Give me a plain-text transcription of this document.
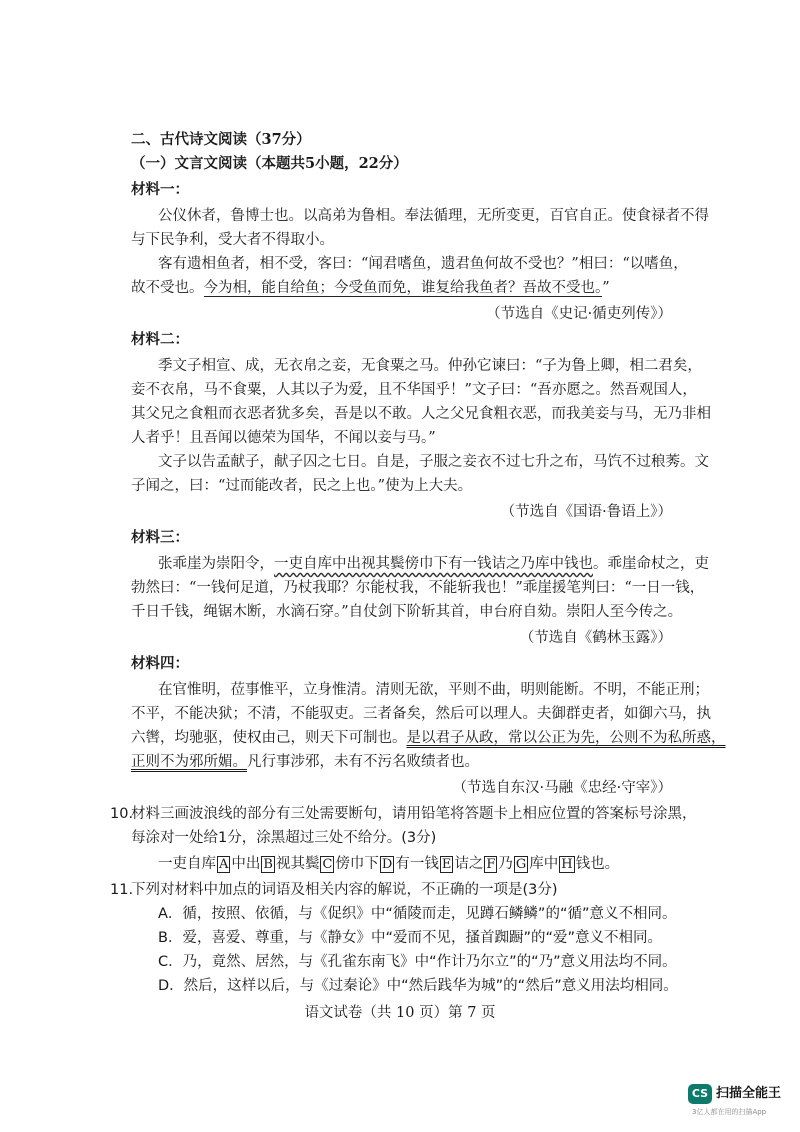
二、古代诗文阅读（37分）
（一）文言文阅读（本题共5小题，22分）
材料一：
公仪休者，鲁博士也。以高弟为鲁相。奉法循理，无所变更，百官自正。使食禄者不得
与下民争利，受大者不得取小。
客有遗相鱼者，相不受，客曰：“闻君嗜鱼，遗君鱼何故不受也？”相曰：“以嗜鱼，
故不受也。今为相，能自给鱼；今受鱼而免，谁复给我鱼者？吾故不受也。”
（节选自《史记·循吏列传》）
材料二：
季文子相宣、成，无衣帛之妾，无食粟之马。仲孙它谏曰：“子为鲁上卿，相二君矣，
妾不衣帛，马不食粟，人其以子为爱，且不华国乎！”文子曰：“吾亦愿之。然吾观国人，
其父兄之食粗而衣恶者犹多矣，吾是以不敢。人之父兄食粗衣恶，而我美妾与马，无乃非相
人者乎！且吾闻以德荣为国华，不闻以妾与马。”
文子以告孟献子，献子囚之七日。自是，子服之妾衣不过七升之布，马饩不过稂莠。文
子闻之，曰：“过而能改者，民之上也。”使为上大夫。
（节选自《国语·鲁语上》）
材料三：
张乖崖为崇阳令，一吏自库中出视其鬓傍巾下有一钱诘之乃库中钱也。乖崖命杖之，吏
勃然曰：“一钱何足道，乃杖我耶？尔能杖我，不能斩我也！”乖崖援笔判曰：“一日一钱，
千日千钱，绳锯木断，水滴石穿。”自仗剑下阶斩其首，申台府自劾。崇阳人至今传之。
（节选自《鹤林玉露》）
材料四：
在官惟明，莅事惟平，立身惟清。清则无欲，平则不曲，明则能断。不明，不能正刑；
不平，不能决狱；不清，不能驭吏。三者备矣，然后可以理人。夫御群吏者，如御六马，执
六辔，均驰驱，使权由己，则天下可制也。是以君子从政，常以公正为先，公则不为私所惑，
正则不为邪所媚。凡行事涉邪，未有不污名败绩者也。
（节选自东汉·马融《忠经·守宰》）
10.
材料三画波浪线的部分有三处需要断句，请用铅笔将答题卡上相应位置的答案标号涂黑，
每涂对一处给1分，涂黑超过三处不给分。(3分)
一吏自库 A 中出 B 视其鬓 C 傍巾下 D 有一钱 E 诘之 F 乃 G 库中 H 钱也。
11.
下列对材料中加点的词语及相关内容的解说，不正确的一项是(3分)
A．循，按照、依循，与《促织》中“循陵而走，见蹲石鳞鳞”的“循”意义不相同。
B．爱，喜爱、尊重，与《静女》中“爱而不见，搔首踟蹰”的“爱”意义不相同。
C．乃，竟然、居然，与《孔雀东南飞》中“作计乃尔立”的“乃”意义用法均不同。
D．然后，这样以后，与《过秦论》中“然后践华为城”的“然后”意义用法均相同。
语文试卷（共 10 页）第 7 页
CS 扫描全能王
3亿人都在用的扫描App
